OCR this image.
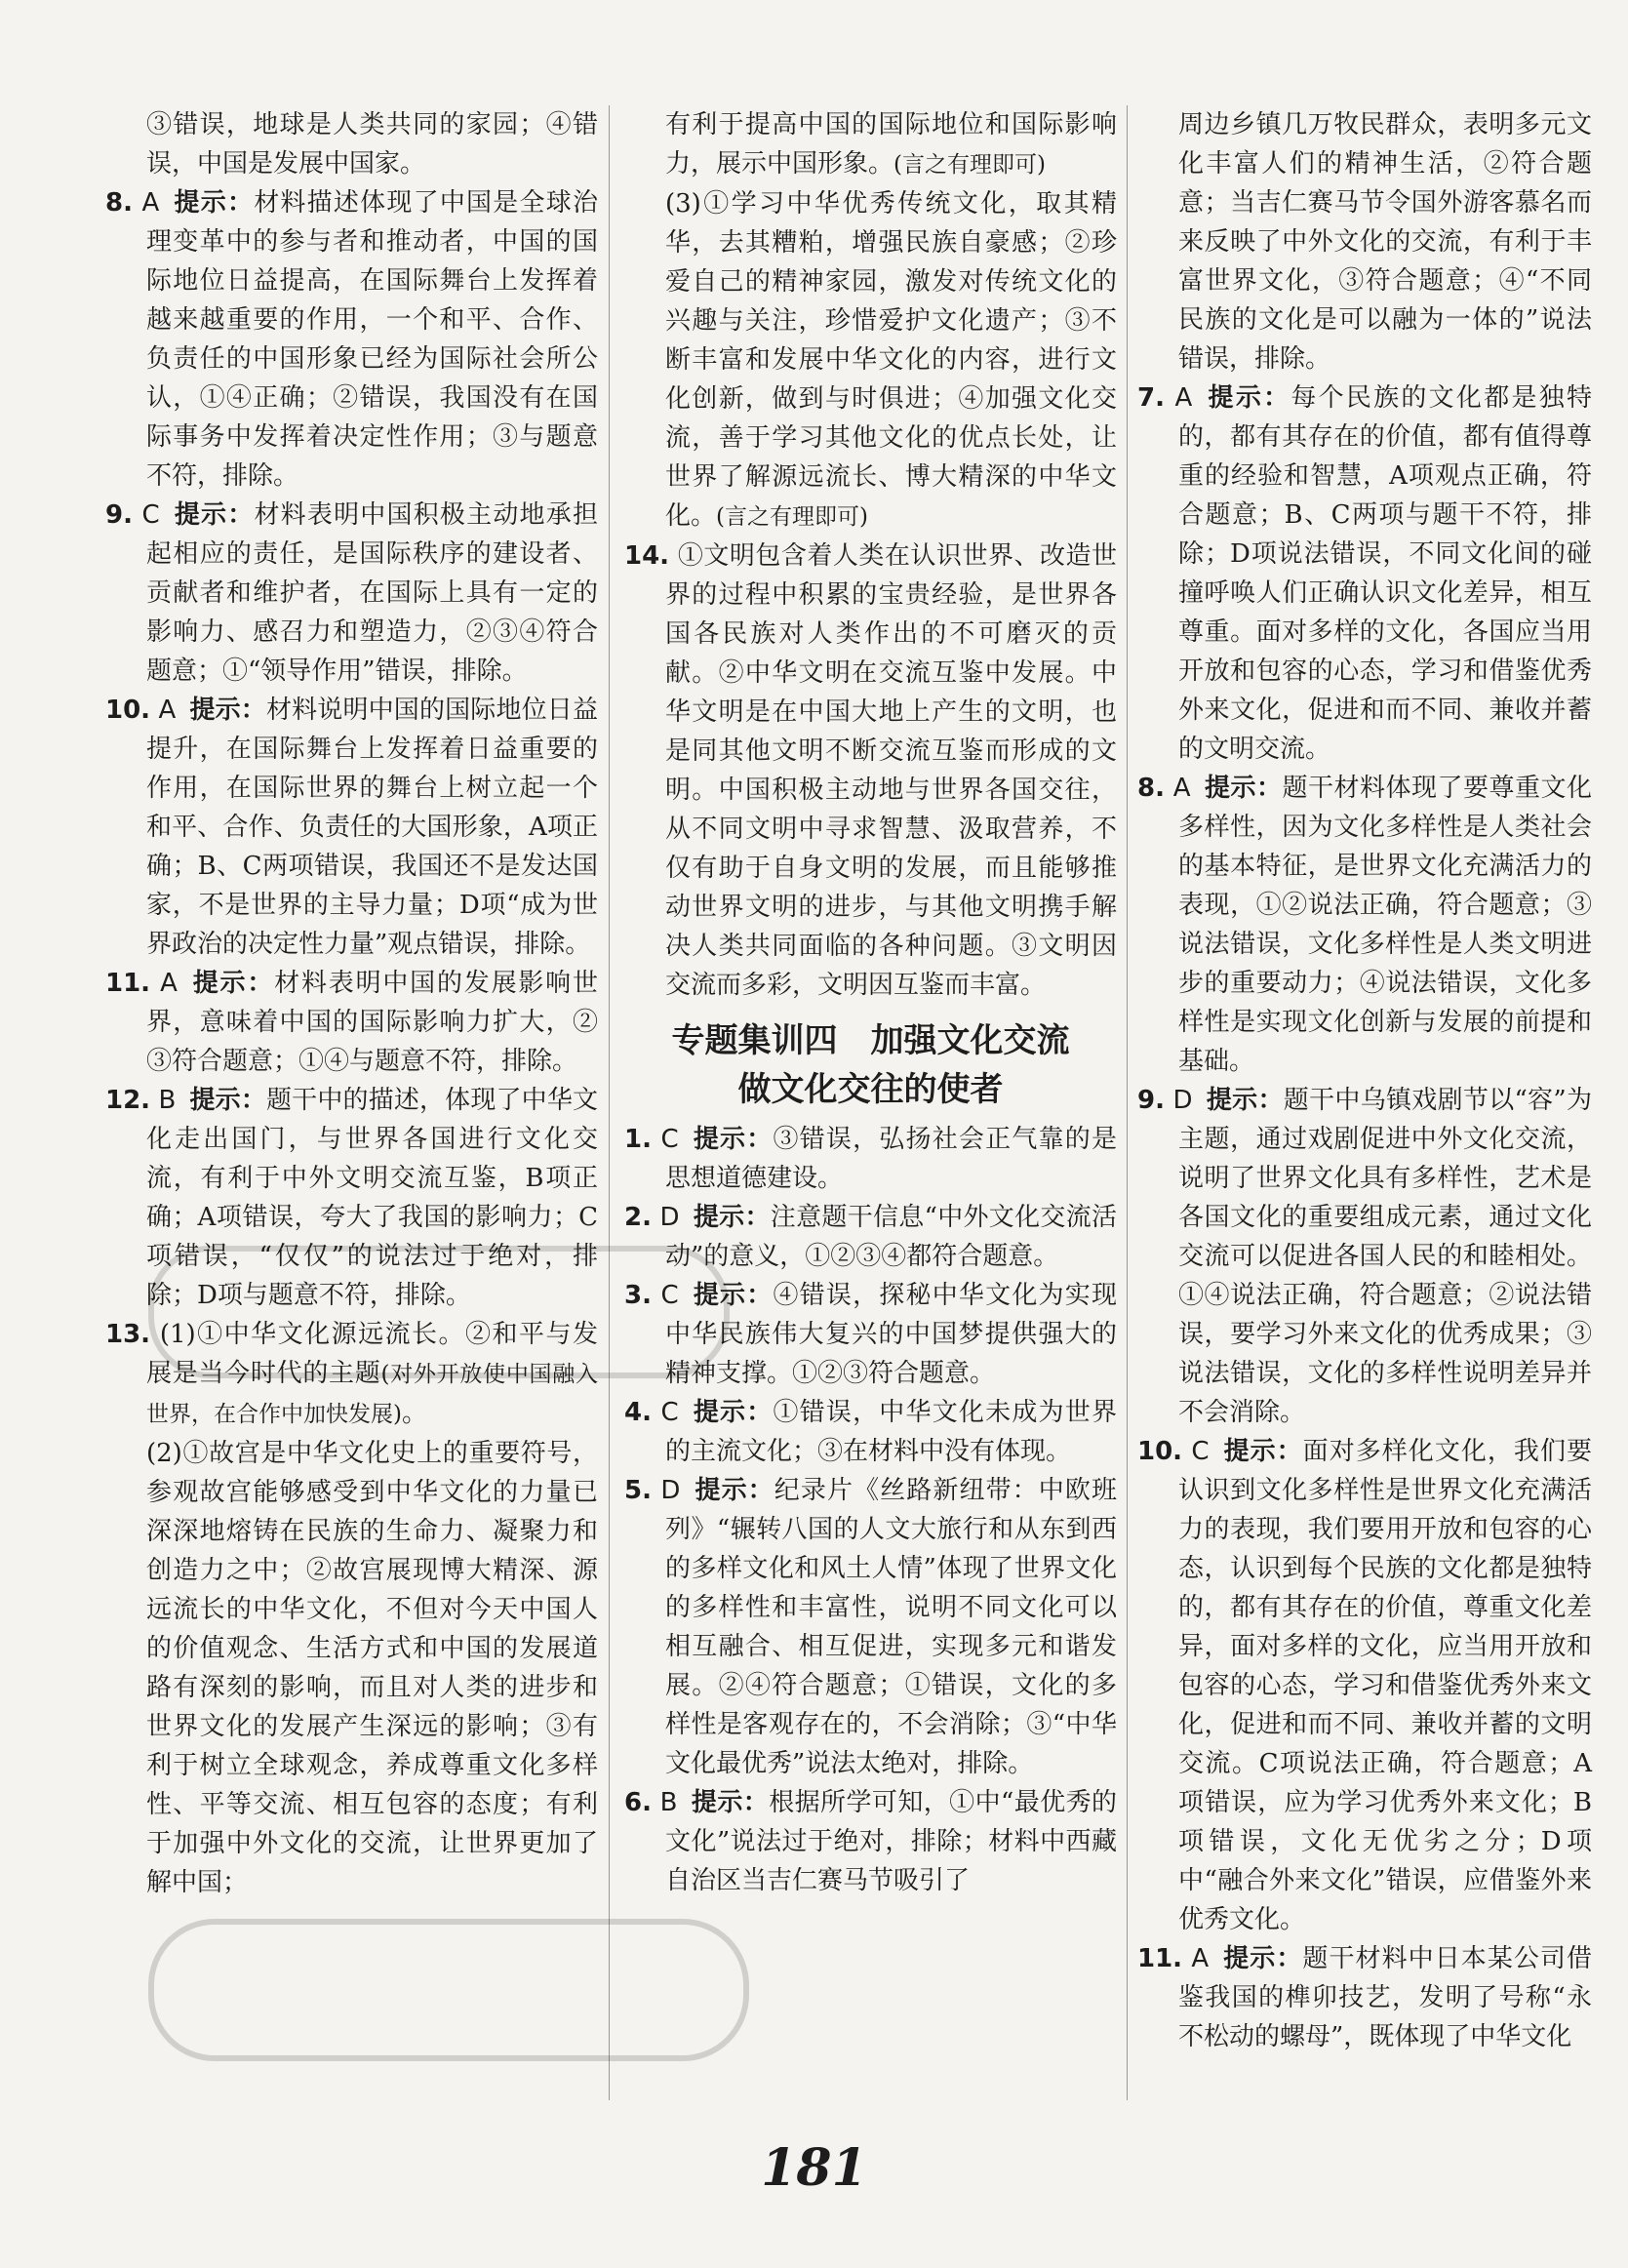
③错误，地球是人类共同的家园；④错误，中国是发展中国家。

8. A 提示：材料描述体现了中国是全球治理变革中的参与者和推动者，中国的国际地位日益提高，在国际舞台上发挥着越来越重要的作用，一个和平、合作、负责任的中国形象已经为国际社会所公认，①④正确；②错误，我国没有在国际事务中发挥着决定性作用；③与题意不符，排除。

9. C 提示：材料表明中国积极主动地承担起相应的责任，是国际秩序的建设者、贡献者和维护者，在国际上具有一定的影响力、感召力和塑造力，②③④符合题意；①“领导作用”错误，排除。

10. A 提示：材料说明中国的国际地位日益提升，在国际舞台上发挥着日益重要的作用，在国际世界的舞台上树立起一个和平、合作、负责任的大国形象，A项正确；B、C两项错误，我国还不是发达国家，不是世界的主导力量；D项“成为世界政治的决定性力量”观点错误，排除。

11. A 提示：材料表明中国的发展影响世界，意味着中国的国际影响力扩大，②③符合题意；①④与题意不符，排除。

12. B 提示：题干中的描述，体现了中华文化走出国门，与世界各国进行文化交流，有利于中外文明交流互鉴，B项正确；A项错误，夸大了我国的影响力；C项错误，“仅仅”的说法过于绝对，排除；D项与题意不符，排除。

13. (1)①中华文化源远流长。②和平与发展是当今时代的主题(对外开放使中国融入世界，在合作中加快发展)。

(2)①故宫是中华文化史上的重要符号，参观故宫能够感受到中华文化的力量已深深地熔铸在民族的生命力、凝聚力和创造力之中；②故宫展现博大精深、源远流长的中华文化，不但对今天中国人的价值观念、生活方式和中国的发展道路有深刻的影响，而且对人类的进步和世界文化的发展产生深远的影响；③有利于树立全球观念，养成尊重文化多样性、平等交流、相互包容的态度；有利于加强中外文化的交流，让世界更加了解中国；

有利于提高中国的国际地位和国际影响力，展示中国形象。(言之有理即可)

(3)①学习中华优秀传统文化，取其精华，去其糟粕，增强民族自豪感；②珍爱自己的精神家园，激发对传统文化的兴趣与关注，珍惜爱护文化遗产；③不断丰富和发展中华文化的内容，进行文化创新，做到与时俱进；④加强文化交流，善于学习其他文化的优点长处，让世界了解源远流长、博大精深的中华文化。(言之有理即可)

14. ①文明包含着人类在认识世界、改造世界的过程中积累的宝贵经验，是世界各国各民族对人类作出的不可磨灭的贡献。②中华文明在交流互鉴中发展。中华文明是在中国大地上产生的文明，也是同其他文明不断交流互鉴而形成的文明。中国积极主动地与世界各国交往，从不同文明中寻求智慧、汲取营养，不仅有助于自身文明的发展，而且能够推动世界文明的进步，与其他文明携手解决人类共同面临的各种问题。③文明因交流而多彩，文明因互鉴而丰富。

专题集训四　加强文化交流
做文化交往的使者

1. C 提示：③错误，弘扬社会正气靠的是思想道德建设。

2. D 提示：注意题干信息“中外文化交流活动”的意义，①②③④都符合题意。

3. C 提示：④错误，探秘中华文化为实现中华民族伟大复兴的中国梦提供强大的精神支撑。①②③符合题意。

4. C 提示：①错误，中华文化未成为世界的主流文化；③在材料中没有体现。

5. D 提示：纪录片《丝路新纽带：中欧班列》“辗转八国的人文大旅行和从东到西的多样文化和风土人情”体现了世界文化的多样性和丰富性，说明不同文化可以相互融合、相互促进，实现多元和谐发展。②④符合题意；①错误，文化的多样性是客观存在的，不会消除；③“中华文化最优秀”说法太绝对，排除。

6. B 提示：根据所学可知，①中“最优秀的文化”说法过于绝对，排除；材料中西藏自治区当吉仁赛马节吸引了

周边乡镇几万牧民群众，表明多元文化丰富人们的精神生活，②符合题意；当吉仁赛马节令国外游客慕名而来反映了中外文化的交流，有利于丰富世界文化，③符合题意；④“不同民族的文化是可以融为一体的”说法错误，排除。

7. A 提示：每个民族的文化都是独特的，都有其存在的价值，都有值得尊重的经验和智慧，A项观点正确，符合题意；B、C两项与题干不符，排除；D项说法错误，不同文化间的碰撞呼唤人们正确认识文化差异，相互尊重。面对多样的文化，各国应当用开放和包容的心态，学习和借鉴优秀外来文化，促进和而不同、兼收并蓄的文明交流。

8. A 提示：题干材料体现了要尊重文化多样性，因为文化多样性是人类社会的基本特征，是世界文化充满活力的表现，①②说法正确，符合题意；③说法错误，文化多样性是人类文明进步的重要动力；④说法错误，文化多样性是实现文化创新与发展的前提和基础。

9. D 提示：题干中乌镇戏剧节以“容”为主题，通过戏剧促进中外文化交流，说明了世界文化具有多样性，艺术是各国文化的重要组成元素，通过文化交流可以促进各国人民的和睦相处。①④说法正确，符合题意；②说法错误，要学习外来文化的优秀成果；③说法错误，文化的多样性说明差异并不会消除。

10. C 提示：面对多样化文化，我们要认识到文化多样性是世界文化充满活力的表现，我们要用开放和包容的心态，认识到每个民族的文化都是独特的，都有其存在的价值，尊重文化差异，面对多样的文化，应当用开放和包容的心态，学习和借鉴优秀外来文化，促进和而不同、兼收并蓄的文明交流。C项说法正确，符合题意；A项错误，应为学习优秀外来文化；B项错误，文化无优劣之分；D项中“融合外来文化”错误，应借鉴外来优秀文化。

11. A 提示：题干材料中日本某公司借鉴我国的榫卯技艺，发明了号称“永不松动的螺母”，既体现了中华文化

181
